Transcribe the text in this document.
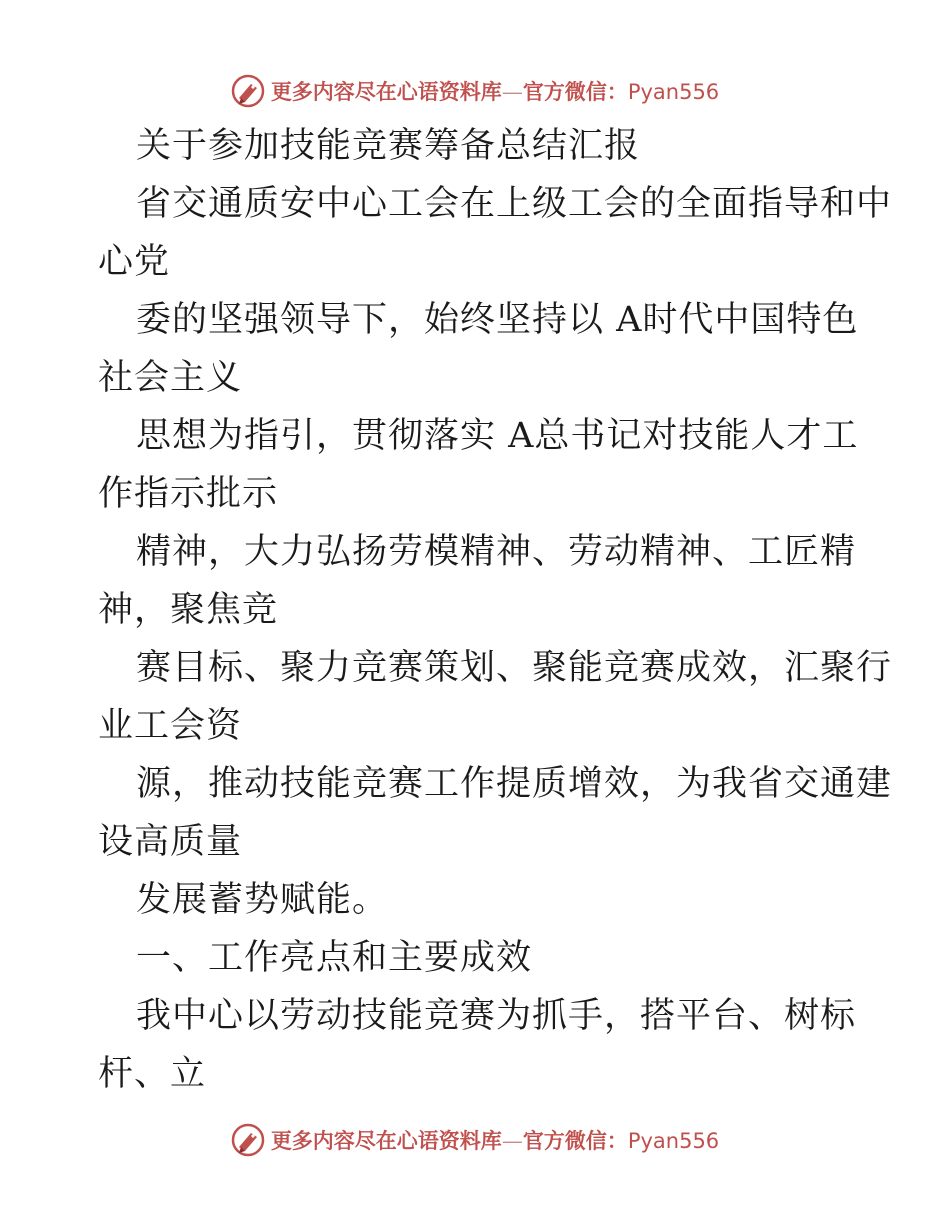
更多内容尽在心语资料库—官方微信：Pyan556
关于参加技能竞赛筹备总结汇报
省交通质安中心工会在上级工会的全面指导和中
心党
委的坚强领导下，始终坚持以 A时代中国特色
社会主义
思想为指引，贯彻落实 A总书记对技能人才工
作指示批示
精神，大力弘扬劳模精神、劳动精神、工匠精
神，聚焦竞
赛目标、聚力竞赛策划、聚能竞赛成效，汇聚行
业工会资
源，推动技能竞赛工作提质增效，为我省交通建
设高质量
发展蓄势赋能。
一、工作亮点和主要成效
我中心以劳动技能竞赛为抓手，搭平台、树标
杆、立
更多内容尽在心语资料库—官方微信：Pyan556
